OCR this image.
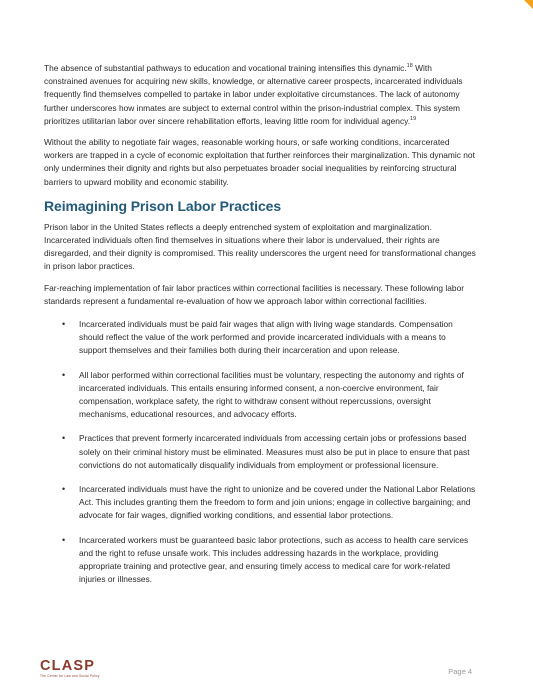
The absence of substantial pathways to education and vocational training intensifies this dynamic.$^{18}$ With constrained avenues for acquiring new skills, knowledge, or alternative career prospects, incarcerated individuals frequently find themselves compelled to partake in labor under exploitative circumstances. The lack of autonomy further underscores how inmates are subject to external control within the prison-industrial complex. This system prioritizes utilitarian labor over sincere rehabilitation efforts, leaving little room for individual agency.$^{19}$

Without the ability to negotiate fair wages, reasonable working hours, or safe working conditions, incarcerated workers are trapped in a cycle of economic exploitation that further reinforces their marginalization. This dynamic not only undermines their dignity and rights but also perpetuates broader social inequalities by reinforcing structural barriers to upward mobility and economic stability.

Reimagining Prison Labor Practices

Prison labor in the United States reflects a deeply entrenched system of exploitation and marginalization. Incarcerated individuals often find themselves in situations where their labor is undervalued, their rights are disregarded, and their dignity is compromised. This reality underscores the urgent need for transformational changes in prison labor practices.

Far-reaching implementation of fair labor practices within correctional facilities is necessary. These following labor standards represent a fundamental re-evaluation of how we approach labor within correctional facilities.

• Incarcerated individuals must be paid fair wages that align with living wage standards. Compensation should reflect the value of the work performed and provide incarcerated individuals with a means to support themselves and their families both during their incarceration and upon release.

• All labor performed within correctional facilities must be voluntary, respecting the autonomy and rights of incarcerated individuals. This entails ensuring informed consent, a non-coercive environment, fair compensation, workplace safety, the right to withdraw consent without repercussions, oversight mechanisms, educational resources, and advocacy efforts.

• Practices that prevent formerly incarcerated individuals from accessing certain jobs or professions based solely on their criminal history must be eliminated. Measures must also be put in place to ensure that past convictions do not automatically disqualify individuals from employment or professional licensure.

• Incarcerated individuals must have the right to unionize and be covered under the National Labor Relations Act. This includes granting them the freedom to form and join unions; engage in collective bargaining; and advocate for fair wages, dignified working conditions, and essential labor protections.

• Incarcerated workers must be guaranteed basic labor protections, such as access to health care services and the right to refuse unsafe work. This includes addressing hazards in the workplace, providing appropriate training and protective gear, and ensuring timely access to medical care for work-related injuries or illnesses.

CLASP
The Center for Law and Social Policy	Page 4
